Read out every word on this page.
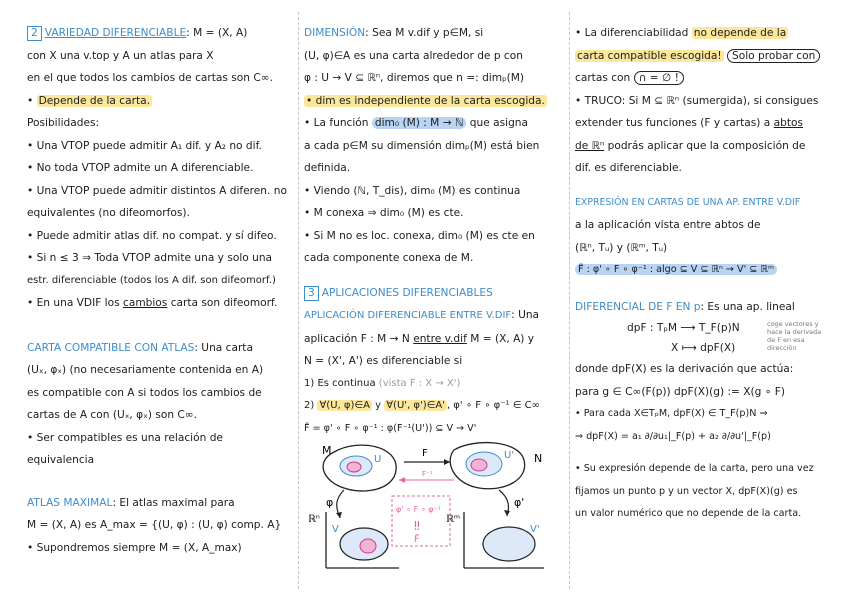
2 VARIEDAD DIFERENCIABLE: M = (X, A)

con X una v.top y A un atlas para X

en el que todos los cambios de cartas son C∞.

• Depende de la carta.

Posibilidades:

• Una VTOP puede admitir A₁ dif. y A₂ no dif.

• No toda VTOP admite un A diferenciable.

• Una VTOP puede admitir distintos A diferen. no

equivalentes (no difeomorfos).

• Puede admitir atlas dif. no compat. y sí difeo.

• Si n ≤ 3 ⇒ Toda VTOP admite una y solo una

estr. diferenciable (todos los A dif. son difeomorf.)

• En una VDIF los cambios carta son difeomorf.

CARTA COMPATIBLE CON ATLAS: Una carta

(Uₓ, φₓ) (no necesariamente contenida en A)

es compatible con A si todos los cambios de

cartas de A con (Uₓ, φₓ) son C∞.

• Ser compatibles es una relación de equivalencia

ATLAS MAXIMAL: El atlas maximal para

M = (X, A) es A_max = {(U, φ) : (U, φ) comp. A}

• Supondremos siempre M = (X, A_max)

DIMENSIÓN: Sea M v.dif y p∈M, si

(U, φ)∈A es una carta alrededor de p con

φ : U → V ⊆ ℝⁿ, diremos que n =: dimₚ(M)

• dim es independiente de la carta escogida.

• La función dim₀ (M) : M → ℕ que asigna

a cada p∈M su dimensión dimₚ(M) está bien

definida.

• Viendo (ℕ, T_dis), dim₀ (M) es continua

• M conexa ⇒ dim₀ (M) es cte.

• Si M no es loc. conexa, dim₀ (M) es cte en

cada componente conexa de M.

3 APLICACIONES DIFERENCIABLES

APLICACIÓN DIFERENCIABLE ENTRE V.DIF: Una

aplicación F : M → N entre v.dif M = (X, A) y

N = (X', A') es diferenciable si

1) Es continua (vista F : X → X')

2) ∀(U, φ)∈A y ∀(U', φ')∈A' , φ' ∘ F ∘ φ⁻¹ ∈ C∞

F̃ = φ' ∘ F ∘ φ⁻¹ : φ(F⁻¹(U')) ⊆ V → V'

M
U
F	U' N
F⁻¹
φ	φ'
ℝⁿ
V
ℝᵐ
V'
φ' ∘ F ∘ φ⁻¹
‼
F̃

• La diferenciabilidad no depende de la

carta compatible escogida! Solo probar con

cartas con ∩ = ∅ !

• TRUCO: Si M ⊆ ℝⁿ (sumergida), si consigues

extender tus funciones (F y cartas) a abtos

de ℝⁿ podrás aplicar que la composición de

dif. es diferenciable.

EXPRESIÓN EN CARTAS DE UNA AP. ENTRE V.DIF

a la aplicación vista entre abtos de

(ℝⁿ, Tᵤ) y (ℝᵐ, Tᵤ)

F̃ : φ' ∘ F ∘ φ⁻¹ : algo ⊆ V ⊆ ℝⁿ → V' ⊆ ℝᵐ

DIFERENCIAL DE F EN p: Es una ap. lineal

dpF : TₚM ⟶ T_F(p)N
X ⟼ dpF(X)
coge vectores y hace la derivada de F en esa dirección

donde dpF(X) es la derivación que actúa:

para g ∈ C∞(F(p)) dpF(X)(g) := X(g ∘ F)

• Para cada X∈TₚM, dpF(X) ∈ T_F(p)N ⇒

⇒ dpF(X) = a₁ ∂/∂u₁|_F(p) + a₂ ∂/∂u'|_F(p)

• Su expresión depende de la carta, pero una vez

fijamos un punto p y un vector X, dpF(X)(g) es

un valor numérico que no depende de la carta.
